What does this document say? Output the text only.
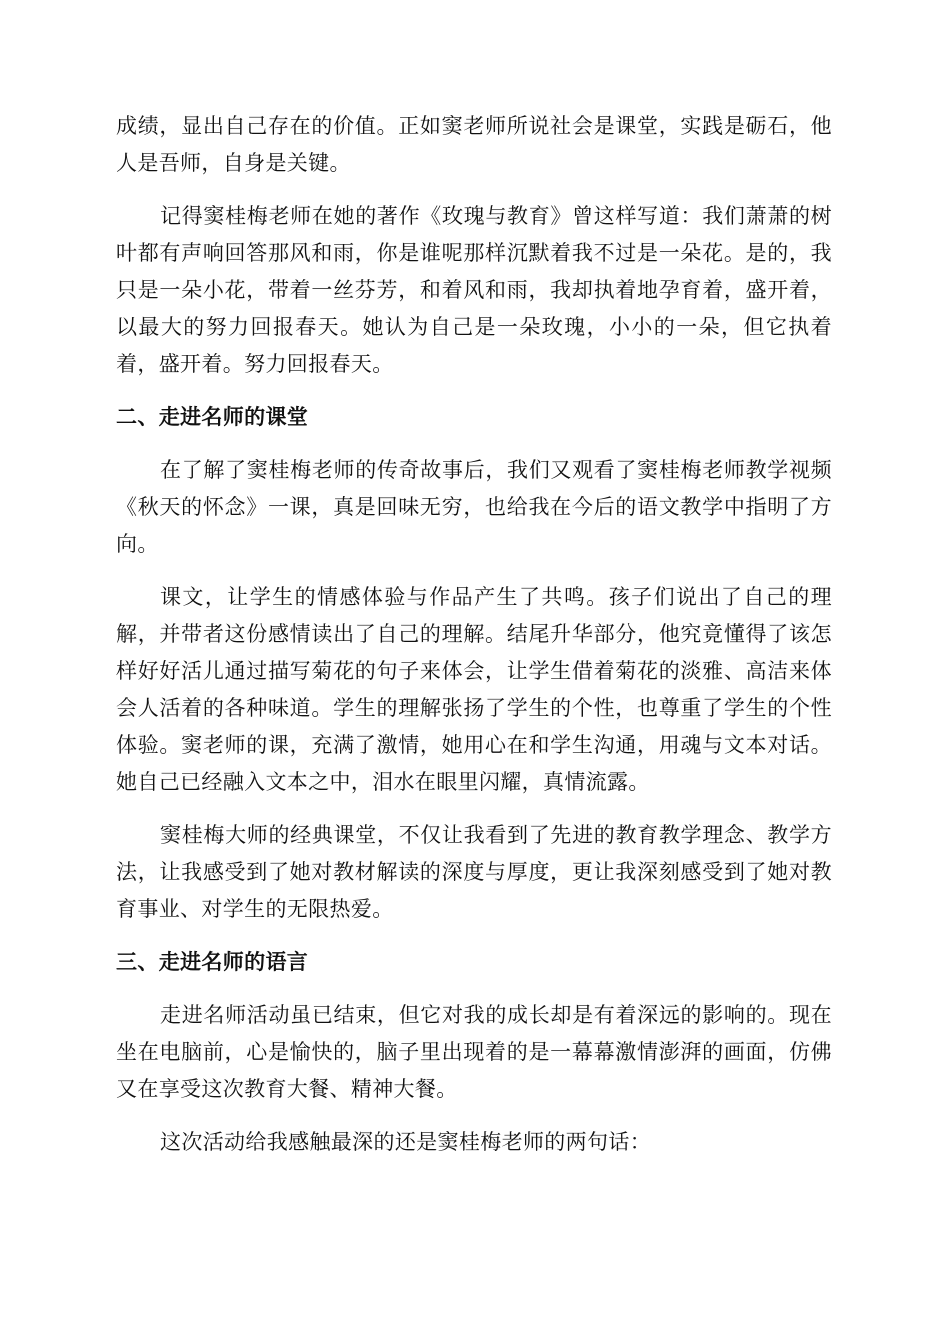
成绩，显出自己存在的价值。正如窦老师所说社会是课堂，实践是砺石，他人是吾师，自身是关键。

记得窦桂梅老师在她的著作《玫瑰与教育》曾这样写道：我们萧萧的树叶都有声响回答那风和雨，你是谁呢那样沉默着我不过是一朵花。是的，我只是一朵小花，带着一丝芬芳，和着风和雨，我却执着地孕育着，盛开着，以最大的努力回报春天。她认为自己是一朵玫瑰，小小的一朵，但它执着着，盛开着。努力回报春天。

二、走进名师的课堂

在了解了窦桂梅老师的传奇故事后，我们又观看了窦桂梅老师教学视频《秋天的怀念》一课，真是回味无穷，也给我在今后的语文教学中指明了方向。

课文，让学生的情感体验与作品产生了共鸣。孩子们说出了自己的理解，并带者这份感情读出了自己的理解。结尾升华部分，他究竟懂得了该怎样好好活儿通过描写菊花的句子来体会，让学生借着菊花的淡雅、高洁来体会人活着的各种味道。学生的理解张扬了学生的个性，也尊重了学生的个性体验。窦老师的课，充满了激情，她用心在和学生沟通，用魂与文本对话。她自己已经融入文本之中，泪水在眼里闪耀，真情流露。

窦桂梅大师的经典课堂，不仅让我看到了先进的教育教学理念、教学方法，让我感受到了她对教材解读的深度与厚度，更让我深刻感受到了她对教育事业、对学生的无限热爱。

三、走进名师的语言

走进名师活动虽已结束，但它对我的成长却是有着深远的影响的。现在坐在电脑前，心是愉快的，脑子里出现着的是一幕幕激情澎湃的画面，仿佛又在享受这次教育大餐、精神大餐。

这次活动给我感触最深的还是窦桂梅老师的两句话：
